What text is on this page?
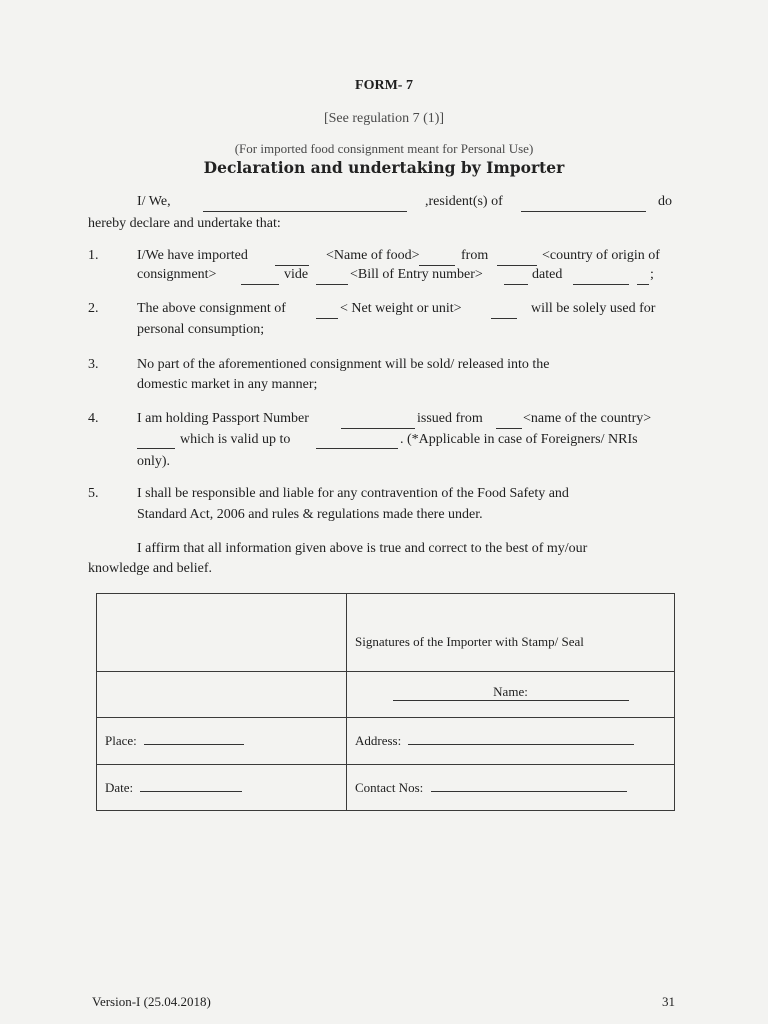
FORM- 7
[See regulation 7 (1)]
(For imported food consignment meant for Personal Use)
Declaration and undertaking by Importer
I/ We,	,resident(s) of	do
hereby declare and undertake that:
1.	I/We have imported	<Name of food>	from	<country of origin of
consignment>	vide	<Bill of Entry number>	dated	;
2.	The above consignment of	< Net weight or unit>	will be solely used for
personal consumption;
3.	No part of the aforementioned consignment will be sold/ released into the
domestic market in any manner;
4.	I am holding Passport Number	issued from	<name of the country>
which is valid up to	. (*Applicable in case of Foreigners/ NRIs
only).
5.	I shall be responsible and liable for any contravention of the Food Safety and
Standard Act, 2006 and rules & regulations made there under.
I affirm that all information given above is true and correct to the best of my/our
knowledge and belief.
	Signatures of the Importer with Stamp/ Seal
	Name:
Place:	Address:
Date:	Contact Nos:
Version-I (25.04.2018)	31
